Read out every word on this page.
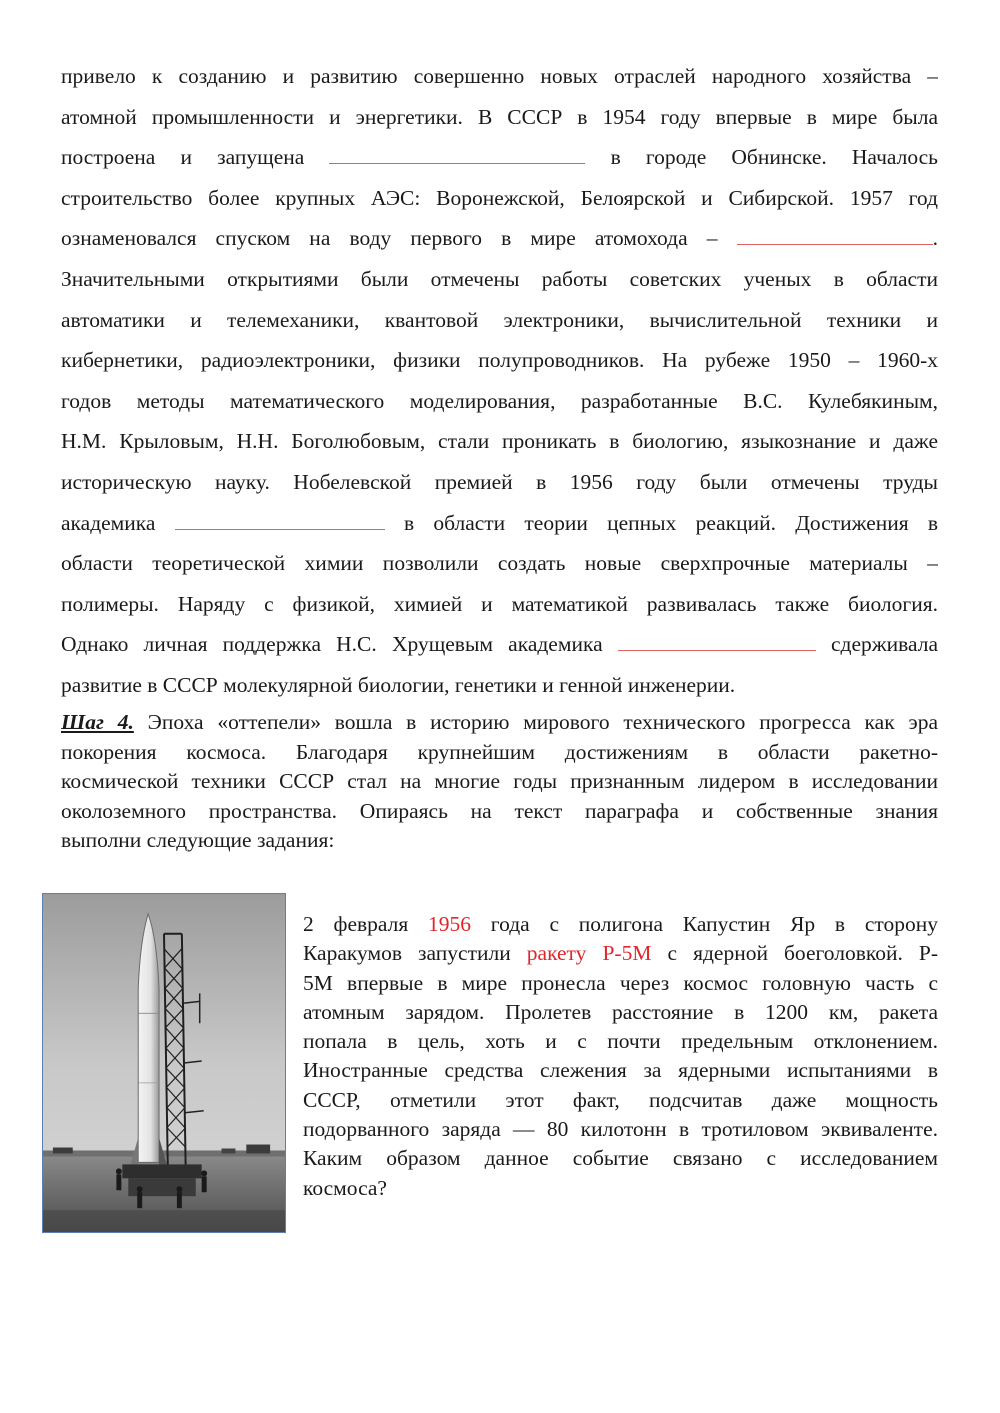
привело к созданию и развитию совершенно новых отраслей народного хозяйства –
атомной промышленности и энергетики. В СССР в 1954 году впервые в мире была
построена и запущена	в городе Обнинске. Началось
строительство более крупных АЭС: Воронежской, Белоярской и Сибирской. 1957 год
ознаменовался спуском на воду первого в мире атомохода –	.
Значительными открытиями были отмечены работы советских ученых в области
автоматики и телемеханики, квантовой электроники, вычислительной техники и
кибернетики, радиоэлектроники, физики полупроводников. На рубеже 1950 – 1960-х
годов методы математического моделирования, разработанные В.С. Кулебякиным,
Н.М. Крыловым, Н.Н. Боголюбовым, стали проникать в биологию, языкознание и даже
историческую науку. Нобелевской премией в 1956 году были отмечены труды
академика	в области теории цепных реакций. Достижения в
области теоретической химии позволили создать новые сверхпрочные материалы –
полимеры. Наряду с физикой, химией и математикой развивалась также биология.
Однако личная поддержка Н.С. Хрущевым академика	сдерживала
развитие в СССР молекулярной биологии, генетики и генной инженерии.
Шаг 4. Эпоха «оттепели» вошла в историю мирового технического прогресса как эра
покорения космоса. Благодаря крупнейшим достижениям в области ракетно-
космической техники СССР стал на многие годы признанным лидером в исследовании
околоземного пространства. Опираясь на текст параграфа и собственные знания
выполни следующие задания:
2 февраля 1956 года с полигона Капустин Яр в сторону
Каракумов запустили ракету Р-5М с ядерной боеголовкой. Р-
5М впервые в мире пронесла через космос головную часть с
атомным зарядом. Пролетев расстояние в 1200 км, ракета
попала в цель, хоть и с почти предельным отклонением.
Иностранные средства слежения за ядерными испытаниями в
СССР, отметили этот факт, подсчитав даже мощность
подорванного заряда — 80 килотонн в тротиловом эквиваленте.
Каким образом данное событие связано с исследованием
космоса?
